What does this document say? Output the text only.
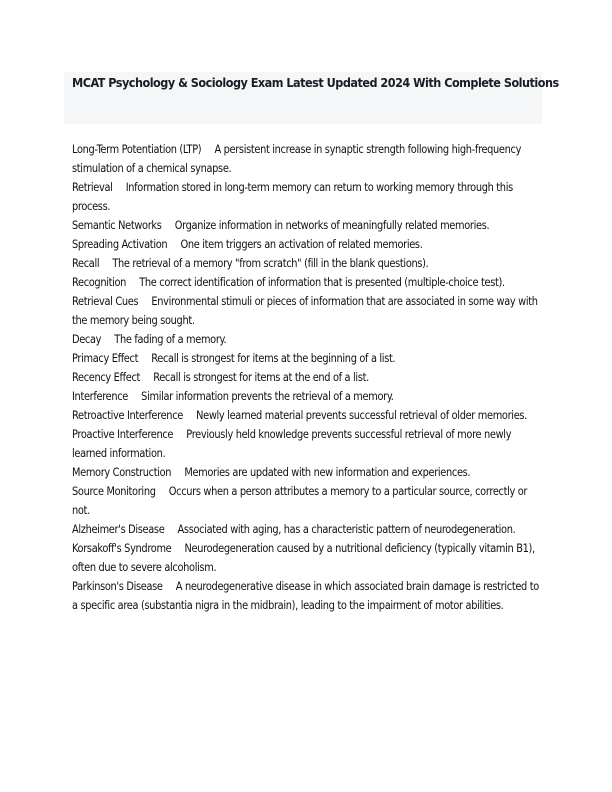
MCAT Psychology & Sociology Exam Latest Updated 2024 With Complete Solutions

Long-Term Potentiation (LTP) A persistent increase in synaptic strength following high-frequency stimulation of a chemical synapse.

Retrieval Information stored in long-term memory can return to working memory through this process.

Semantic Networks Organize information in networks of meaningfully related memories.

Spreading Activation One item triggers an activation of related memories.

Recall The retrieval of a memory "from scratch" (fill in the blank questions).

Recognition The correct identification of information that is presented (multiple-choice test).

Retrieval Cues Environmental stimuli or pieces of information that are associated in some way with the memory being sought.

Decay The fading of a memory.

Primacy Effect Recall is strongest for items at the beginning of a list.

Recency Effect Recall is strongest for items at the end of a list.

Interference Similar information prevents the retrieval of a memory.

Retroactive Interference Newly learned material prevents successful retrieval of older memories.

Proactive Interference Previously held knowledge prevents successful retrieval of more newly learned information.

Memory Construction Memories are updated with new information and experiences.

Source Monitoring Occurs when a person attributes a memory to a particular source, correctly or not.

Alzheimer's Disease Associated with aging, has a characteristic pattern of neurodegeneration.

Korsakoff's Syndrome Neurodegeneration caused by a nutritional deficiency (typically vitamin B1), often due to severe alcoholism.

Parkinson's Disease A neurodegenerative disease in which associated brain damage is restricted to a specific area (substantia nigra in the midbrain), leading to the impairment of motor abilities.
